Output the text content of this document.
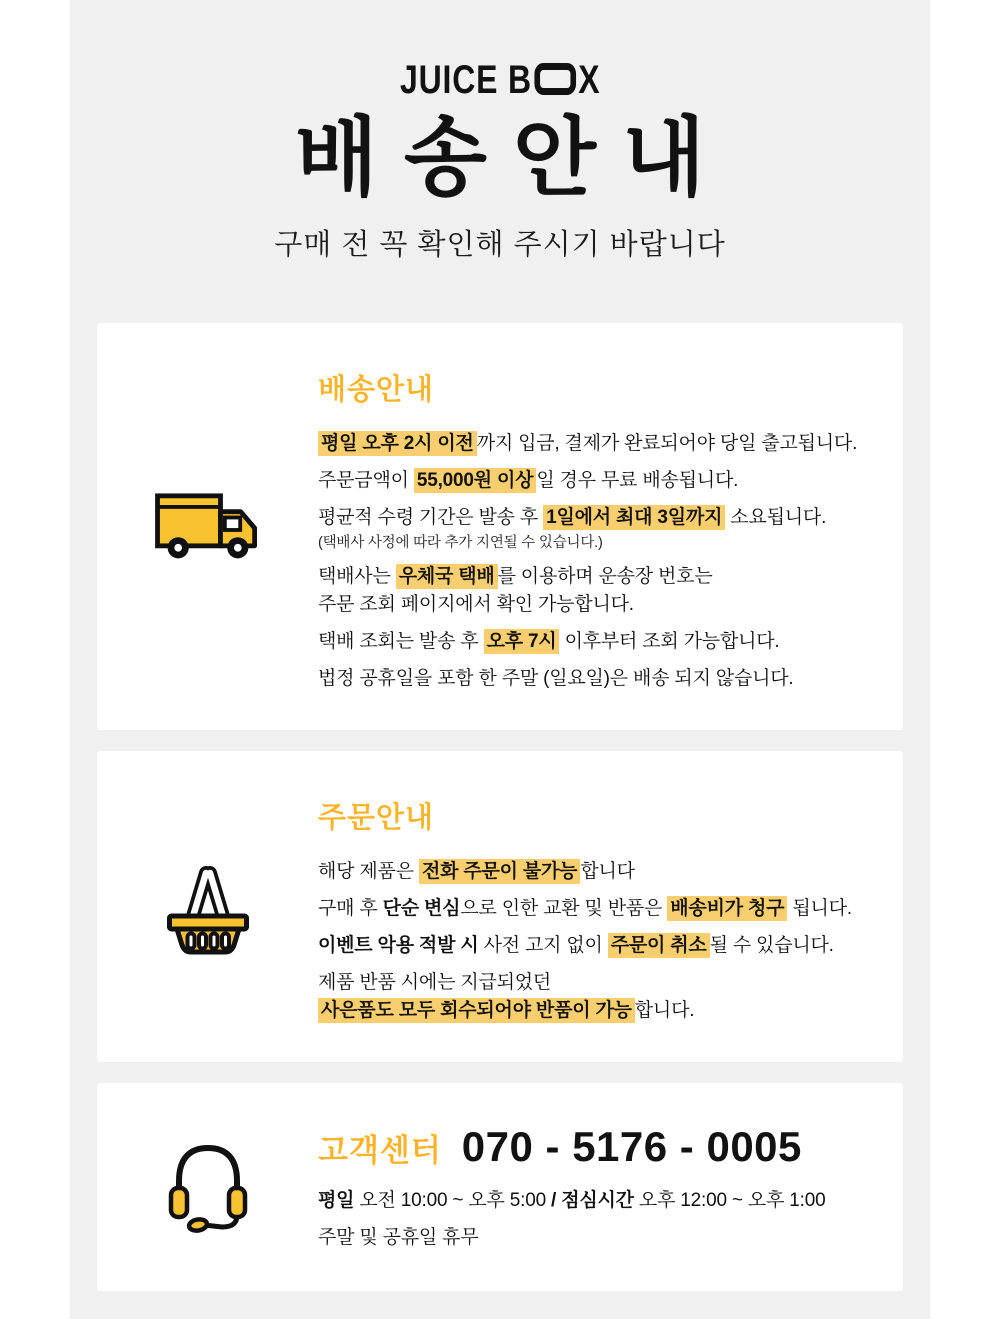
JUICE B X
배송안내

구매 전 꼭 확인해 주시기 바랍니다

배송안내

평일 오후 2시 이전 까지 입금, 결제가 완료되어야 당일 출고됩니다.

주문금액이 55,000원 이상 일 경우 무료 배송됩니다.

평균적 수령 기간은 발송 후 1일에서 최대 3일까지 소요됩니다.

(택배사 사정에 따라 추가 지연될 수 있습니다.)

택배사는 우체국 택배 를 이용하며 운송장 번호는

주문 조회 페이지에서 확인 가능합니다.

택배 조회는 발송 후 오후 7시 이후부터 조회 가능합니다.

법정 공휴일을 포함 한 주말 (일요일)은 배송 되지 않습니다.

주문안내

해당 제품은 전화 주문이 불가능 합니다

구매 후 단순 변심으로 인한 교환 및 반품은 배송비가 청구 됩니다.

이벤트 악용 적발 시 사전 고지 없이 주문이 취소 될 수 있습니다.

제품 반품 시에는 지급되었던

사은품도 모두 회수되어야 반품이 가능 합니다.

고객센터 070 - 5176 - 0005

평일 오전 10:00 ~ 오후 5:00 / 점심시간 오후 12:00 ~ 오후 1:00

주말 및 공휴일 휴무
